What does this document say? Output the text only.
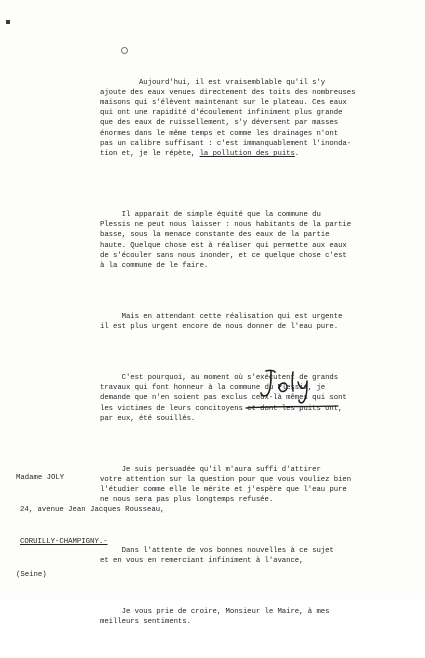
Aujourd'hui, il est vraisemblable qu'il s'y
ajoute des eaux venues directement des toits des nombreuses
maisons qui s'élèvent maintenant sur le plateau. Ces eaux
qui ont une rapidité d'écoulement infiniment plus grande
que des eaux de ruissellement, s'y déversent par masses
énormes dans le même temps et comme les drainages n'ont
pas un calibre suffisant : c'est immanquablement l'inonda-
tion et, je le répète, la pollution des puits.

Il apparait de simple équité que la commune du
Plessis ne peut nous laisser : nous habitants de la partie
basse, sous la menace constante des eaux de la partie
haute. Quelque chose est à réaliser qui permette aux eaux
de s'écouler sans nous inonder, et ce quelque chose c'est
à la commune de le faire.

Mais en attendant cette réalisation qui est urgente
il est plus urgent encore de nous donner de l'eau pure.

C'est pourquoi, au moment où s'exécutent de grands
travaux qui font honneur à la commune du Plessis, je
demande que n'en soient pas exclus ceux-là mêmes qui sont
les victimes de leurs concitoyens et dont les puits ont,
par eux, été souillés.

Je suis persuadée qu'il m'aura suffi d'attirer
votre attention sur la question pour que vous vouliez bien
l'étudier comme elle le mérite et j'espère que l'eau pure
ne nous sera pas plus longtemps refusée.

Dans l'attente de vos bonnes nouvelles à ce sujet
et en vous en remerciant infiniment à l'avance,

Je vous prie de croire, Monsieur le Maire, à mes
meilleurs sentiments.

Madame JOLY

24, avenue Jean Jacques Rousseau,

CORUILLY-CHAMPIGNY.-

(Seine)
